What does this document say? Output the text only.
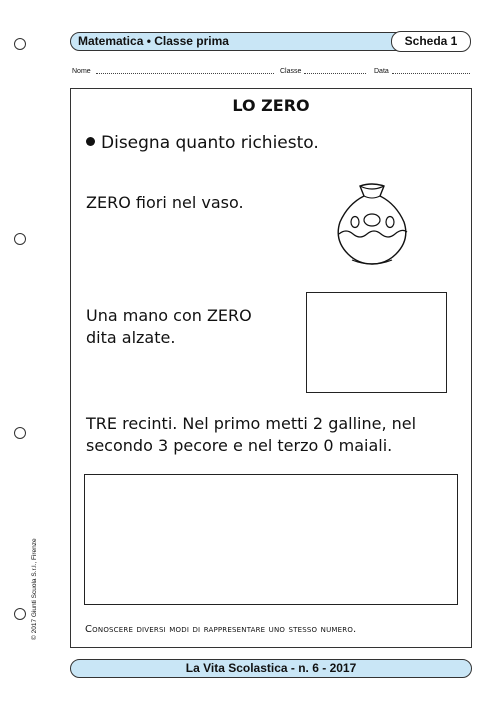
Matematica • Classe prima	Scheda 1
Nome	Classe	Data
LO ZERO
Disegna quanto richiesto.
ZERO fiori nel vaso.
Una mano con ZERO
dita alzate.
TRE recinti. Nel primo metti 2 galline, nel
secondo 3 pecore e nel terzo 0 maiali.
Conoscere diversi modi di rappresentare uno stesso numero.
© 2017 Giunti Scuola S.r.l., Firenze
La Vita Scolastica - n. 6 - 2017
